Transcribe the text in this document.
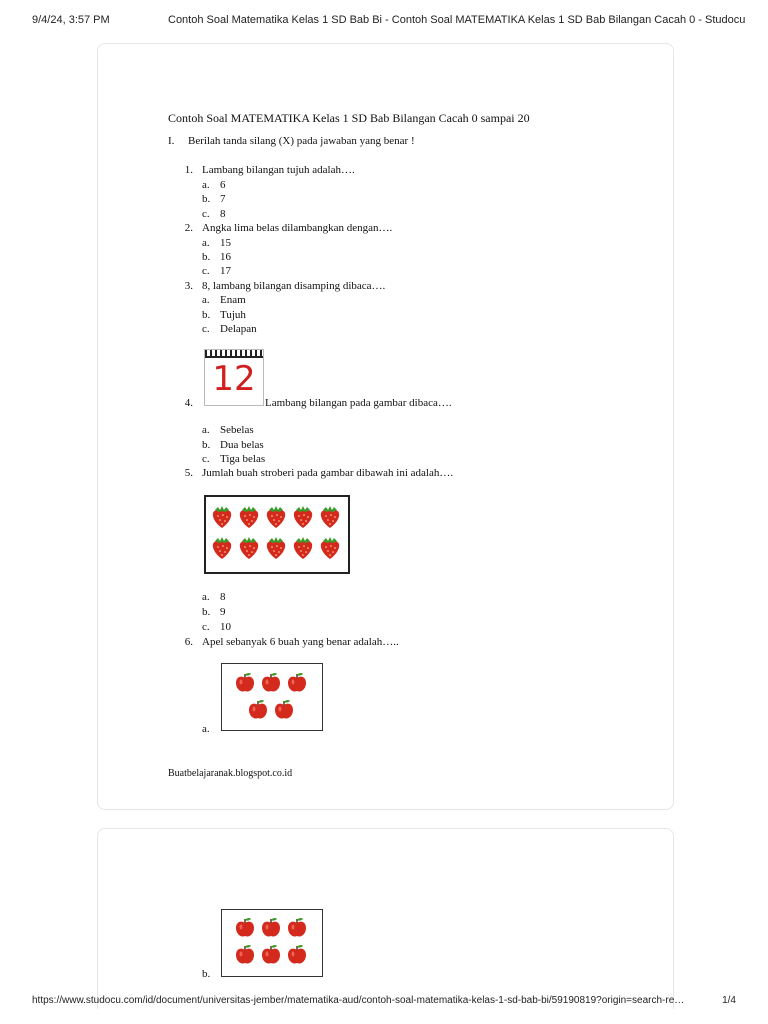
9/4/24, 3:57 PM	Contoh Soal Matematika Kelas 1 SD Bab Bi - Contoh Soal MATEMATIKA Kelas 1 SD Bab Bilangan Cacah 0 - Studocu
Contoh Soal MATEMATIKA Kelas 1 SD Bab Bilangan Cacah 0 sampai 20
I. Berilah tanda silang (X) pada jawaban yang benar !
1. Lambang bilangan tujuh adalah….
a. 6
b. 7
c. 8
2. Angka lima belas dilambangkan dengan….
a. 15
b. 16
c. 17
3. 8, lambang bilangan disamping dibaca….
a. Enam
b. Tujuh
c. Delapan
12
4.	Lambang bilangan pada gambar dibaca….
a. Sebelas
b. Dua belas
c. Tiga belas
5. Jumlah buah stroberi pada gambar dibawah ini adalah….
a. 8
b. 9
c. 10
6. Apel sebanyak 6 buah yang benar adalah…..
a.
Buatbelajaranak.blogspot.co.id
b.
https://www.studocu.com/id/document/universitas-jember/matematika-aud/contoh-soal-matematika-kelas-1-sd-bab-bi/59190819?origin=search-re…	1/4
